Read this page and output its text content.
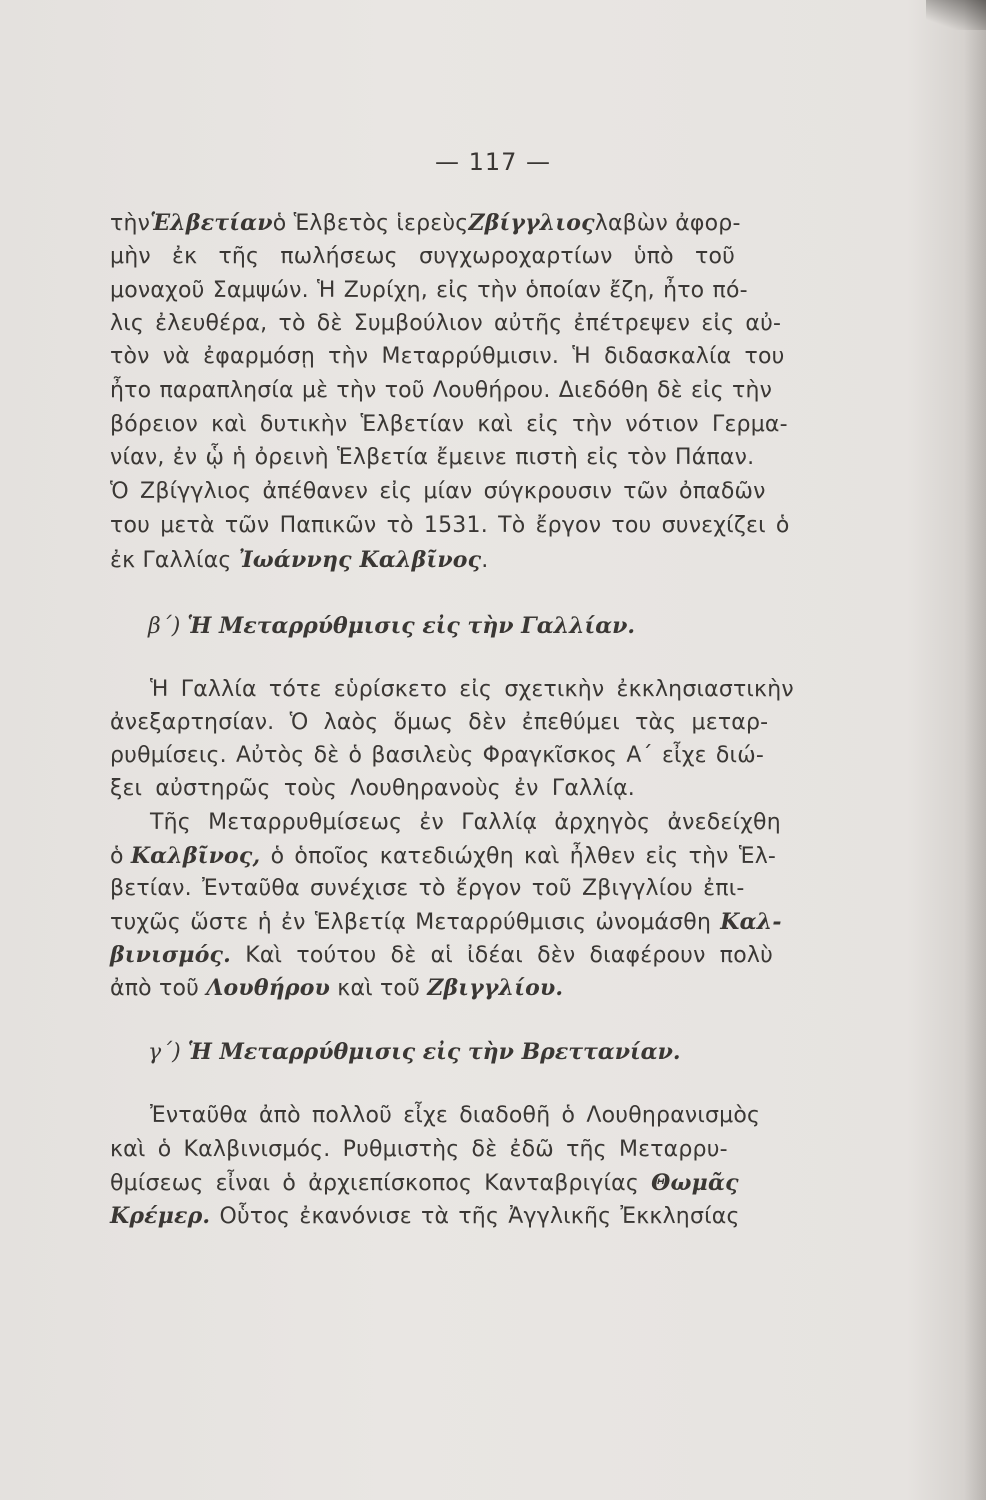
— 117 —
τὴνἙλβετίανὁ Ἑλβετὸς ἱερεὺςΖβίγγλιοςλαβὼν ἀφορ-
μὴν ἐκ τῆς πωλήσεως συγχωροχαρτίων ὑπὸ τοῦ
μοναχοῦ Σαμψών. Ἡ Ζυρίχη, εἰς τὴν ὁποίαν ἔζη, ἦτο πό-
λις ἐλευθέρα, τὸ δὲ Συμβούλιον αὐτῆς ἐπέτρεψεν εἰς αὐ-
τὸν νὰ ἐφαρμόσῃ τὴν Μεταρρύθμισιν. Ἡ διδασκαλία του
ἦτο παραπλησία μὲ τὴν τοῦ Λουθήρου. Διεδόθη δὲ εἰς τὴν
βόρειον καὶ δυτικὴν Ἑλβετίαν καὶ εἰς τὴν νότιον Γερμα-
νίαν, ἐν ᾧ ἡ ὀρεινὴ Ἑλβετία ἔμεινε πιστὴ εἰς τὸν Πάπαν.
Ὁ Ζβίγγλιος ἀπέθανεν εἰς μίαν σύγκρουσιν τῶν ὀπαδῶν
του μετὰ τῶν Παπικῶν τὸ 1531. Τὸ ἔργον του συνεχίζει ὁ
ἐκ Γαλλίας Ἰωάννης Καλβῖνος.
β΄) Ἡ Μεταρρύθμισις εἰς τὴν Γαλλίαν.
Ἡ Γαλλία τότε εὑρίσκετο εἰς σχετικὴν ἐκκλησιαστικὴν
ἀνεξαρτησίαν. Ὁ λαὸς ὅμως δὲν ἐπεθύμει τὰς μεταρ-
ρυθμίσεις. Αὐτὸς δὲ ὁ βασιλεὺς Φραγκῖσκος Α΄ εἶχε διώ-
ξει αὐστηρῶς τοὺς Λουθηρανοὺς ἐν Γαλλίᾳ.
Τῆς Μεταρρυθμίσεως ἐν Γαλλίᾳ ἀρχηγὸς ἀνεδείχθη
ὁ Καλβῖνος, ὁ ὁποῖος κατεδιώχθη καὶ ἦλθεν εἰς τὴν Ἑλ-
βετίαν. Ἐνταῦθα συνέχισε τὸ ἔργον τοῦ Ζβιγγλίου ἐπι-
τυχῶς ὥστε ἡ ἐν Ἑλβετίᾳ Μεταρρύθμισις ὠνομάσθη Καλ-
βινισμός. Καὶ τούτου δὲ αἱ ἰδέαι δὲν διαφέρουν πολὺ
ἀπὸ τοῦ Λουθήρου καὶ τοῦ Ζβιγγλίου.
γ΄) Ἡ Μεταρρύθμισις εἰς τὴν Βρεττανίαν.
Ἐνταῦθα ἀπὸ πολλοῦ εἶχε διαδοθῆ ὁ Λουθηρανισμὸς
καὶ ὁ Καλβινισμός. Ρυθμιστὴς δὲ ἐδῶ τῆς Μεταρρυ-
θμίσεως εἶναι ὁ ἀρχιεπίσκοπος Κανταβριγίας Θωμᾶς
Κρέμερ. Οὗτος ἐκανόνισε τὰ τῆς Ἀγγλικῆς Ἐκκλησίας
